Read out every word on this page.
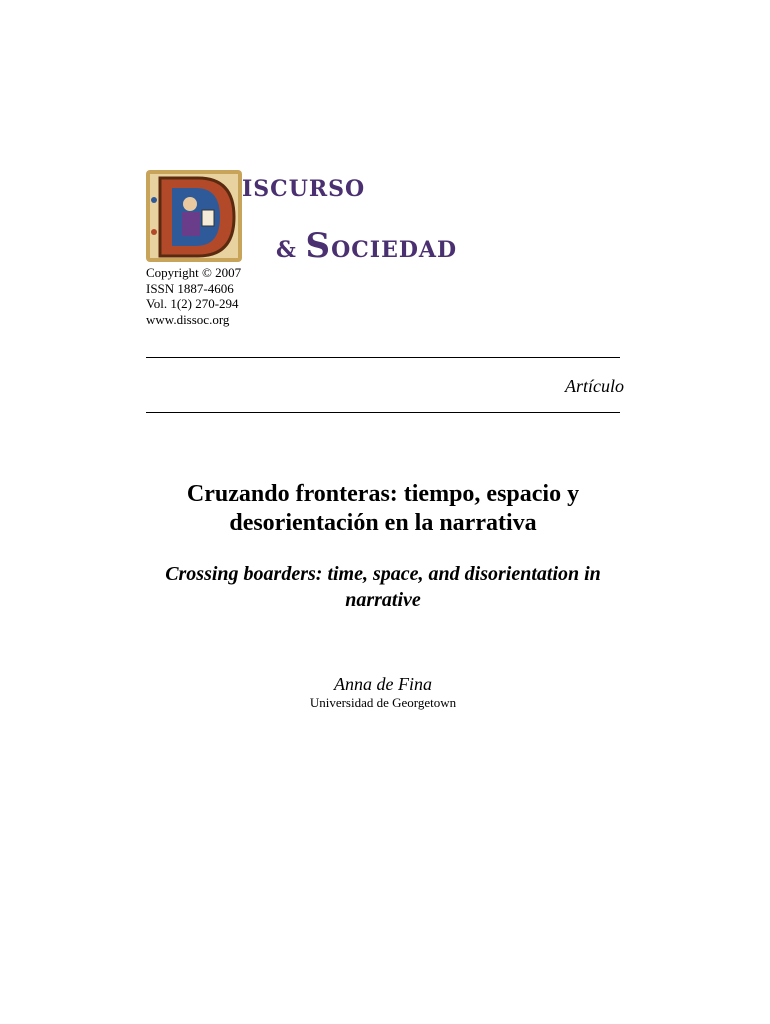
ISCURSO
& SOCIEDAD
Copyright © 2007
ISSN 1887-4606
Vol. 1(2) 270-294
www.dissoc.org
Artículo
Cruzando fronteras: tiempo, espacio y desorientación en la narrativa
Crossing boarders: time, space, and disorientation in narrative
Anna de Fina
Universidad de Georgetown
